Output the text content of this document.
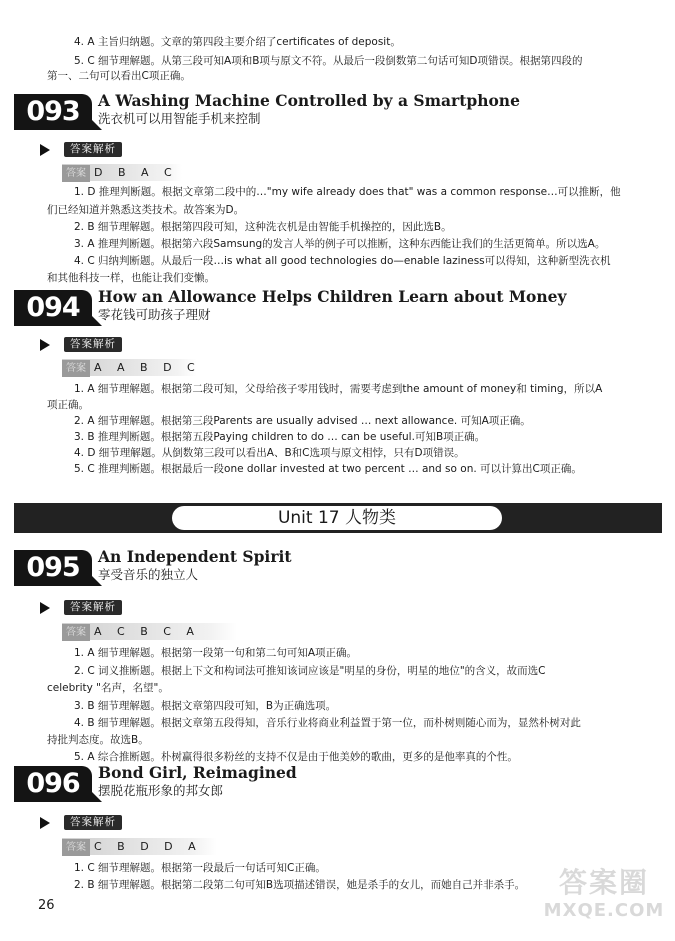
4. A 主旨归纳题。文章的第四段主要介绍了certificates of deposit。
5. C 细节理解题。从第三段可知A项和B项与原文不符。从最后一段倒数第二句话可知D项错误。根据第四段的
第一、二句可以看出C项正确。
093	A Washing Machine Controlled by a Smartphone
洗衣机可以用智能手机来控制
答案解析
答案 D B A C
1. D 推理判断题。根据文章第二段中的…"my wife already does that" was a common response…可以推断，他
们已经知道并熟悉这类技术。故答案为D。
2. B 细节理解题。根据第四段可知，这种洗衣机是由智能手机操控的，因此选B。
3. A 推理判断题。根据第六段Samsung的发言人举的例子可以推断，这种东西能让我们的生活更简单。所以选A。
4. C 归纳判断题。从最后一段…is what all good technologies do—enable laziness可以得知，这种新型洗衣机
和其他科技一样，也能让我们变懒。
094	How an Allowance Helps Children Learn about Money
零花钱可助孩子理财
答案解析
答案 A A B D C
1. A 细节理解题。根据第二段可知，父母给孩子零用钱时，需要考虑到the amount of money和 timing，所以A
项正确。
2. A 细节理解题。根据第三段Parents are usually advised … next allowance. 可知A项正确。
3. B 推理判断题。根据第五段Paying children to do … can be useful.可知B项正确。
4. D 细节理解题。从倒数第三段可以看出A、B和C选项与原文相悖，只有D项错误。
5. C 推理判断题。根据最后一段one dollar invested at two percent … and so on. 可以计算出C项正确。
Unit 17 人物类
095	An Independent Spirit
享受音乐的独立人
答案解析
答案 A C B C A
1. A 细节理解题。根据第一段第一句和第二句可知A项正确。
2. C 词义推断题。根据上下文和构词法可推知该词应该是"明星的身份，明星的地位"的含义，故而选C
celebrity "名声，名望"。
3. B 细节理解题。根据文章第四段可知，B为正确选项。
4. B 细节理解题。根据文章第五段得知，音乐行业将商业利益置于第一位，而朴树则随心而为，显然朴树对此
持批判态度。故选B。
5. A 综合推断题。朴树赢得很多粉丝的支持不仅是由于他美妙的歌曲，更多的是他率真的个性。
096	Bond Girl, Reimagined
摆脱花瓶形象的邦女郎
答案解析
答案 C B D D A
1. C 细节理解题。根据第一段最后一句话可知C正确。
2. B 细节理解题。根据第二段第二句可知B选项描述错误，她是杀手的女儿，而她自己并非杀手。
26
答案圈
MXQE.COM
